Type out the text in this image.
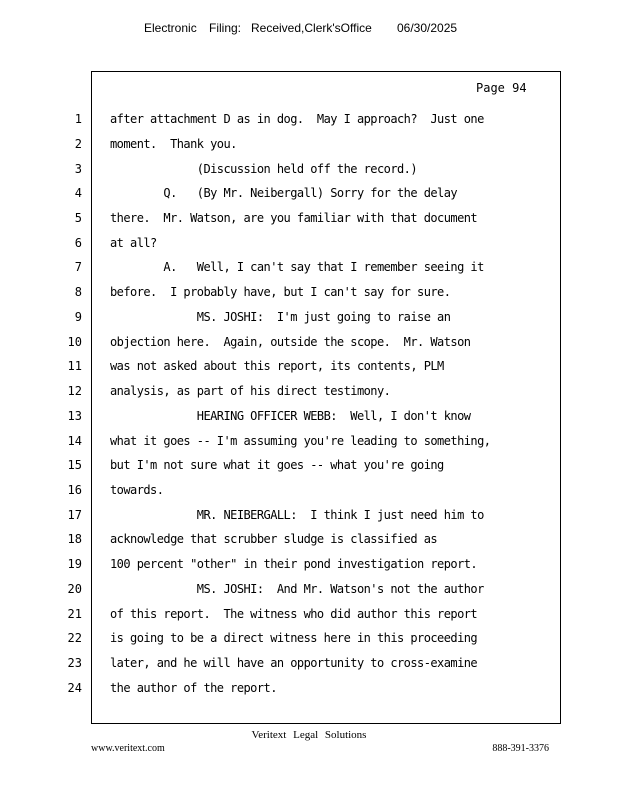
Electronic Filing: Received,Clerk'sOffice 06/30/2025
Page 94
1
2
3
4
5
6
7
8
9
10
11
12
13
14
15
16
17
18
19
20
21
22
23
24
after attachment D as in dog.  May I approach?  Just one
moment.  Thank you.
(Discussion held off the record.)
Q.   (By Mr. Neibergall) Sorry for the delay
there.  Mr. Watson, are you familiar with that document
at all?
A.   Well, I can't say that I remember seeing it
before.  I probably have, but I can't say for sure.
MS. JOSHI:  I'm just going to raise an
objection here.  Again, outside the scope.  Mr. Watson
was not asked about this report, its contents, PLM
analysis, as part of his direct testimony.
HEARING OFFICER WEBB:  Well, I don't know
what it goes -- I'm assuming you're leading to something,
but I'm not sure what it goes -- what you're going
towards.
MR. NEIBERGALL:  I think I just need him to
acknowledge that scrubber sludge is classified as
100 percent "other" in their pond investigation report.
MS. JOSHI:  And Mr. Watson's not the author
of this report.  The witness who did author this report
is going to be a direct witness here in this proceeding
later, and he will have an opportunity to cross-examine
the author of the report.
Veritext Legal Solutions
www.veritext.com	888-391-3376
